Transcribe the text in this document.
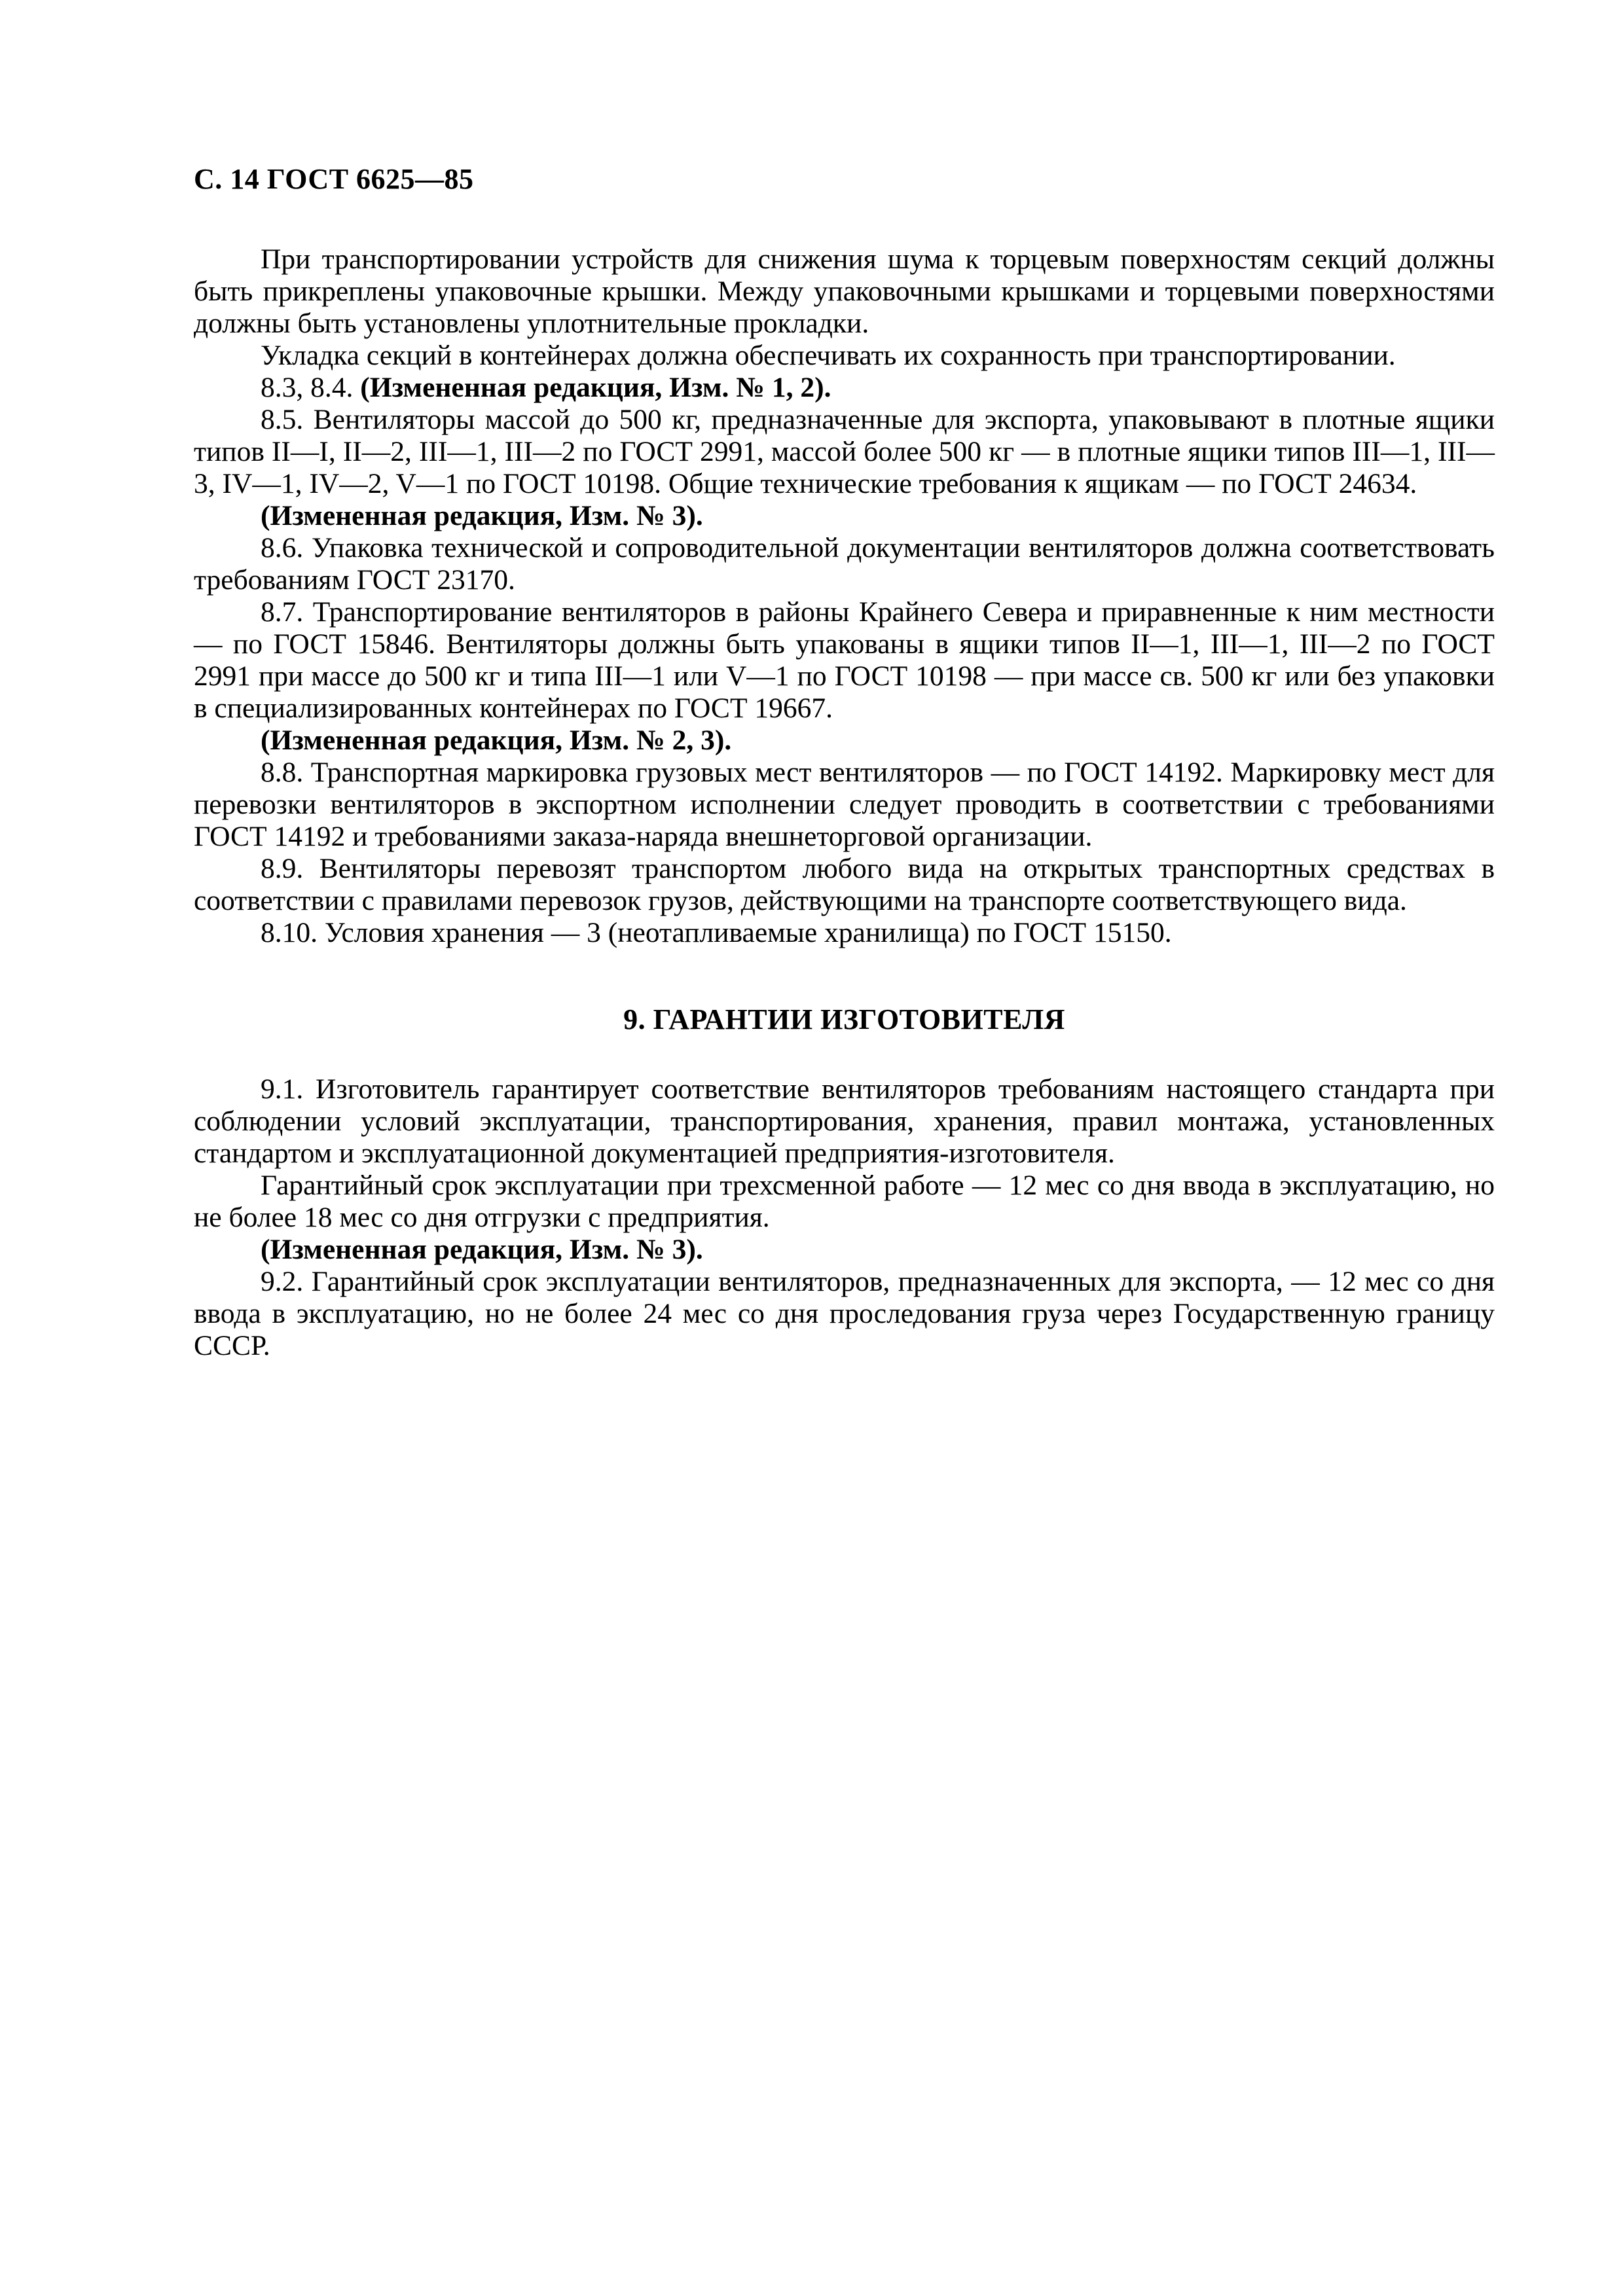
С. 14 ГОСТ 6625—85

При транспортировании устройств для снижения шума к торцевым поверхностям секций должны быть прикреплены упаковочные крышки. Между упаковочными крышками и торцевыми поверхностями должны быть установлены уплотнительные прокладки.

Укладка секций в контейнерах должна обеспечивать их сохранность при транспортировании.

8.3, 8.4. (Измененная редакция, Изм. № 1, 2).

8.5. Вентиляторы массой до 500 кг, предназначенные для экспорта, упаковывают в плотные ящики типов II—I, II—2, III—1, III—2 по ГОСТ 2991, массой более 500 кг — в плотные ящики типов III—1, III—3, IV—1, IV—2, V—1 по ГОСТ 10198. Общие технические требования к ящикам — по ГОСТ 24634.

(Измененная редакция, Изм. № 3).

8.6. Упаковка технической и сопроводительной документации вентиляторов должна соответствовать требованиям ГОСТ 23170.

8.7. Транспортирование вентиляторов в районы Крайнего Севера и приравненные к ним местности — по ГОСТ 15846. Вентиляторы должны быть упакованы в ящики типов II—1, III—1, III—2 по ГОСТ 2991 при массе до 500 кг и типа III—1 или V—1 по ГОСТ 10198 — при массе св. 500 кг или без упаковки в специализированных контейнерах по ГОСТ 19667.

(Измененная редакция, Изм. № 2, 3).

8.8. Транспортная маркировка грузовых мест вентиляторов — по ГОСТ 14192. Маркировку мест для перевозки вентиляторов в экспортном исполнении следует проводить в соответствии с требованиями ГОСТ 14192 и требованиями заказа-наряда внешнеторговой организации.

8.9. Вентиляторы перевозят транспортом любого вида на открытых транспортных средствах в соответствии с правилами перевозок грузов, действующими на транспорте соответствующего вида.

8.10. Условия хранения — 3 (неотапливаемые хранилища) по ГОСТ 15150.

9. ГАРАНТИИ ИЗГОТОВИТЕЛЯ

9.1. Изготовитель гарантирует соответствие вентиляторов требованиям настоящего стандарта при соблюдении условий эксплуатации, транспортирования, хранения, правил монтажа, установленных стандартом и эксплуатационной документацией предприятия-изготовителя.

Гарантийный срок эксплуатации при трехсменной работе — 12 мес со дня ввода в эксплуатацию, но не более 18 мес со дня отгрузки с предприятия.

(Измененная редакция, Изм. № 3).

9.2. Гарантийный срок эксплуатации вентиляторов, предназначенных для экспорта, — 12 мес со дня ввода в эксплуатацию, но не более 24 мес со дня проследования груза через Государственную границу СССР.
